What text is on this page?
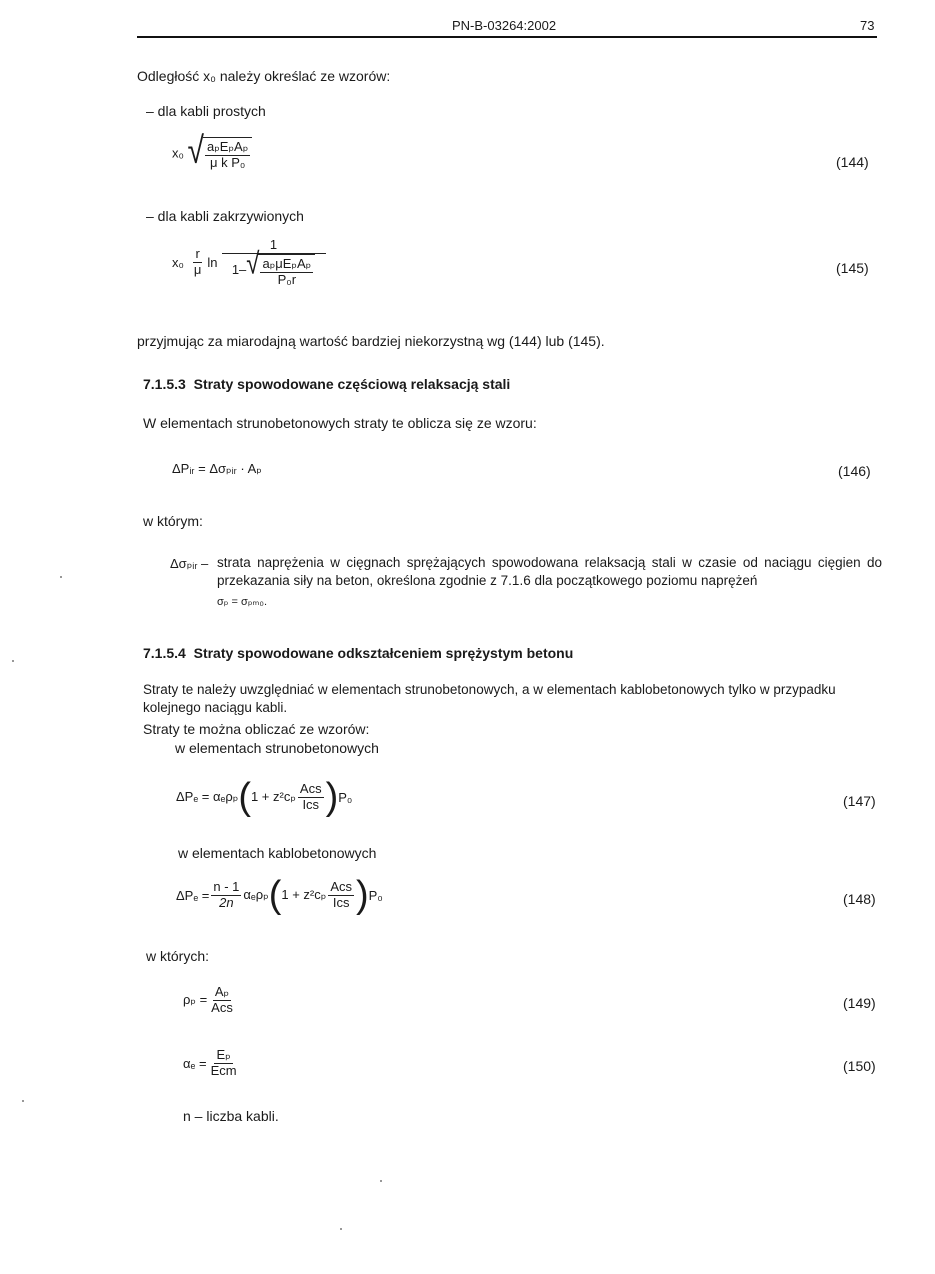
PN-B-03264:2002	73
Odległość x₀ należy określać ze wzorów:
– dla kabli prostych
x₀ √ $\frac{\text{aₚEₚAₚ}}{\text{μ k P₀}}$	(144)
– dla kabli zakrzywionych
$x_0 \frac{r}{\mu}$ $\ln \frac{1}{1- √ \frac{\text{aₚμEₚAₚ}}{\text{P₀r}}}$	(145)
przyjmując za miarodajną wartość bardziej niekorzystną wg (144) lub (145).
7.1.5.3 Straty spowodowane częściową relaksacją stali
W elementach strunobetonowych straty te oblicza się ze wzoru:
ΔPᵢᵣ = Δσₚᵢᵣ · Aₚ	(146)
w którym:
Δσₚᵢᵣ – strata naprężenia w cięgnach sprężających spowodowana relaksacją stali w czasie od naciągu cięgien do przekazania siły na beton, określona zgodnie z 7.1.6 dla początkowego poziomu naprężeń
σₚ = σₚₘ₀.
7.1.5.4 Straty spowodowane odkształceniem sprężystym betonu
Straty te należy uwzględniać w elementach strunobetonowych, a w elementach kablobetonowych tylko w przypadku kolejnego naciągu kabli.
Straty te można obliczać ze wzorów:
w elementach strunobetonowych
ΔPₑ = αₑρₚ ( $1 + z^2c_p \frac{\text{Acs}}{\text{Ics}}$ ) P₀	(147)
w elementach kablobetonowych
$\Delta P_e = \frac{n - 1}{2n}$ αₑρₚ ( $1 + z^2c_p \frac{\text{Acs}}{\text{Ics}}$ ) P₀	(148)
w których:
$\rho_p = \frac{\text{Aₚ}}{\text{Acs}}$	(149)
$\alpha_e = \frac{\text{Eₚ}}{\text{Ecm}}$	(150)
n – liczba kabli.
